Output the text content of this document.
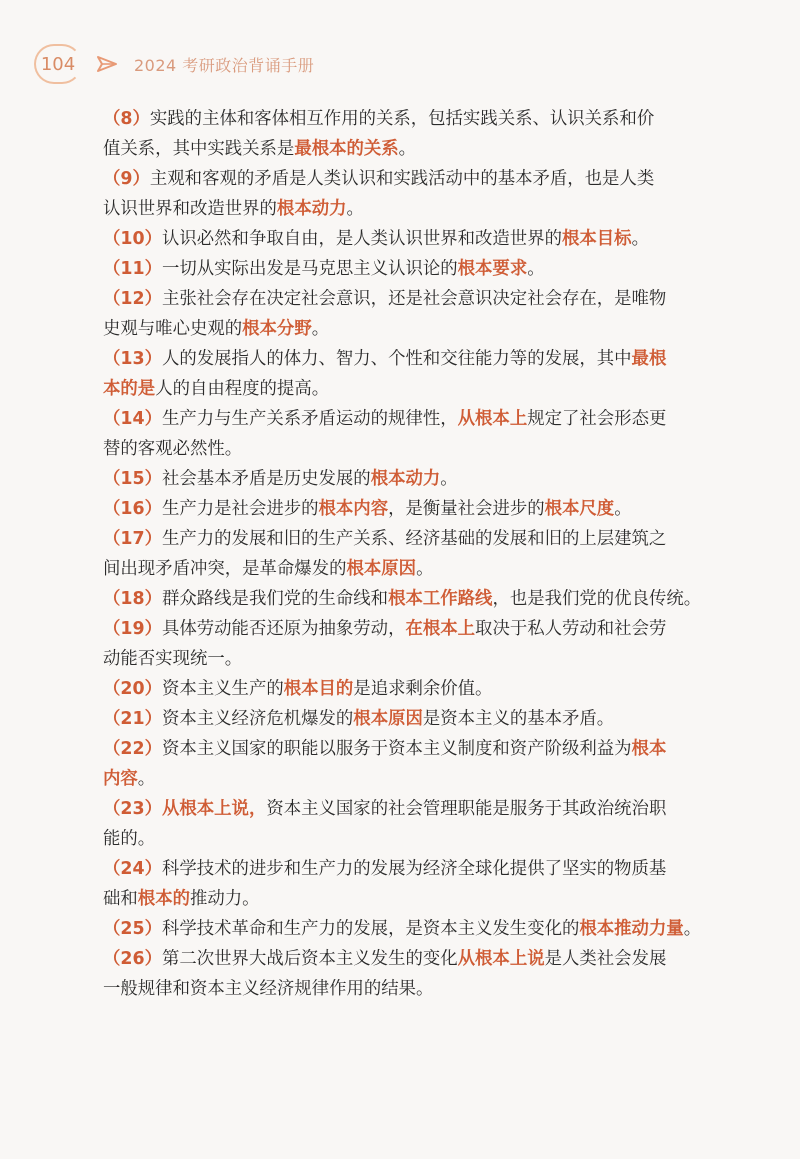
104	2024 考研政治背诵手册
（8）实践的主体和客体相互作用的关系，包括实践关系、认识关系和价
值关系，其中实践关系是最根本的关系。
（9）主观和客观的矛盾是人类认识和实践活动中的基本矛盾，也是人类
认识世界和改造世界的根本动力。
（10）认识必然和争取自由，是人类认识世界和改造世界的根本目标。
（11）一切从实际出发是马克思主义认识论的根本要求。
（12）主张社会存在决定社会意识，还是社会意识决定社会存在，是唯物
史观与唯心史观的根本分野。
（13）人的发展指人的体力、智力、个性和交往能力等的发展，其中最根
本的是人的自由程度的提高。
（14）生产力与生产关系矛盾运动的规律性，从根本上规定了社会形态更
替的客观必然性。
（15）社会基本矛盾是历史发展的根本动力。
（16）生产力是社会进步的根本内容，是衡量社会进步的根本尺度。
（17）生产力的发展和旧的生产关系、经济基础的发展和旧的上层建筑之
间出现矛盾冲突，是革命爆发的根本原因。
（18）群众路线是我们党的生命线和根本工作路线，也是我们党的优良传统。
（19）具体劳动能否还原为抽象劳动，在根本上取决于私人劳动和社会劳
动能否实现统一。
（20）资本主义生产的根本目的是追求剩余价值。
（21）资本主义经济危机爆发的根本原因是资本主义的基本矛盾。
（22）资本主义国家的职能以服务于资本主义制度和资产阶级利益为根本
内容。
（23）从根本上说，资本主义国家的社会管理职能是服务于其政治统治职
能的。
（24）科学技术的进步和生产力的发展为经济全球化提供了坚实的物质基
础和根本的推动力。
（25）科学技术革命和生产力的发展，是资本主义发生变化的根本推动力量。
（26）第二次世界大战后资本主义发生的变化从根本上说是人类社会发展
一般规律和资本主义经济规律作用的结果。
